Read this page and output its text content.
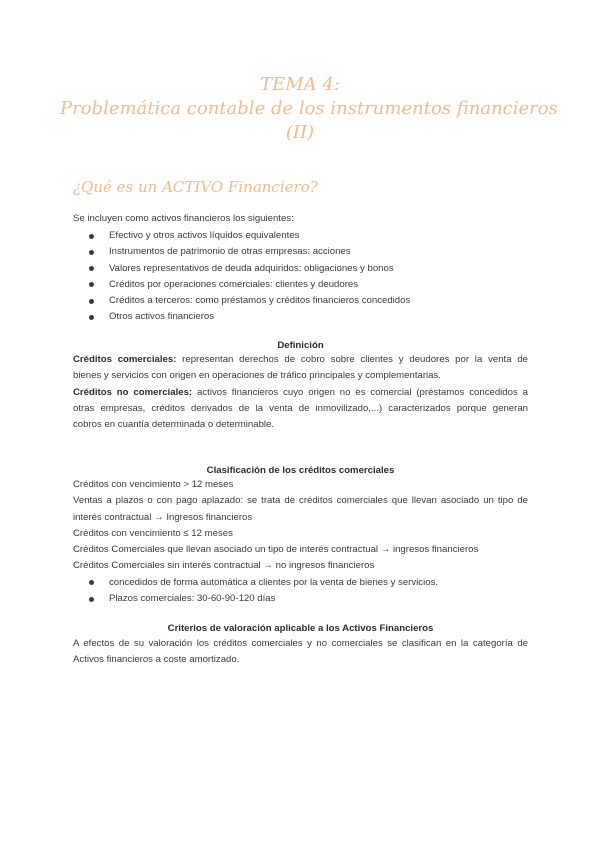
TEMA 4:
Problemática contable de los instrumentos financieros
(II)
¿Qué es un ACTIVO Financiero?
Se incluyen como activos financieros los siguientes:
Efectivo y otros activos líquidos equivalentes
Instrumentos de patrimonio de otras empresas: acciones
Valores representativos de deuda adquiridos: obligaciones y bonos
Créditos por operaciones comerciales: clientes y deudores
Créditos a terceros: como préstamos y créditos financieros concedidos
Otros activos financieros
Definición
Créditos comerciales: representan derechos de cobro sobre clientes y deudores por la venta de
bienes y servicios con origen en operaciones de tráfico principales y complementarias.
Créditos no comerciales: activos financieros cuyo origen no es comercial (préstamos concedidos a
otras empresas, créditos derivados de la venta de inmovilizado,...) caracterizados porque generan
cobros en cuantía determinada o determinable.
Clasificación de los créditos comerciales
Créditos con vencimiento > 12 meses
Ventas a plazos o con pago aplazado: se trata de créditos comerciales que llevan asociado un tipo de
interés contractual → Ingresos financieros
Créditos con vencimiento ≤ 12 meses
Créditos Comerciales que llevan asociado un tipo de interés contractual → ingresos financieros
Créditos Comerciales sin interés contractual → no ingresos financieros
concedidos de forma automática a clientes por la venta de bienes y servicios.
Plazos comerciales: 30-60-90-120 días
Criterios de valoración aplicable a los Activos Financieros
A efectos de su valoración los créditos comerciales y no comerciales se clasifican en la categoría de
Activos financieros a coste amortizado.
